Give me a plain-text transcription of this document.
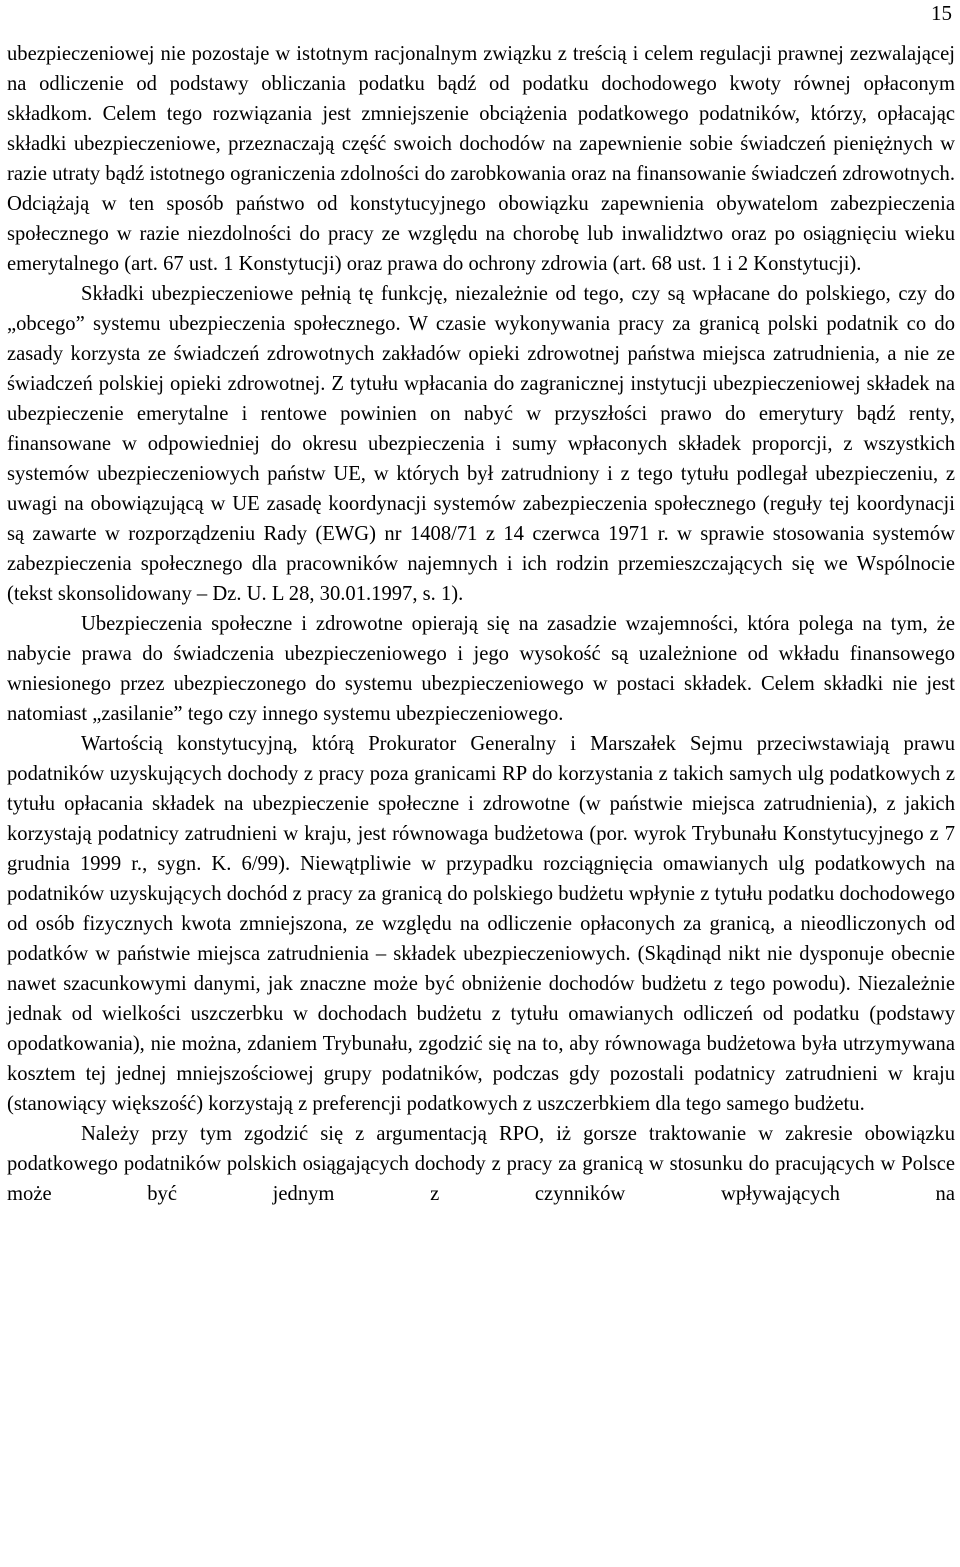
15

ubezpieczeniowej nie pozostaje w istotnym racjonalnym związku z treścią i celem regulacji prawnej zezwalającej na odliczenie od podstawy obliczania podatku bądź od podatku dochodowego kwoty równej opłaconym składkom. Celem tego rozwiązania jest zmniejszenie obciążenia podatkowego podatników, którzy, opłacając składki ubezpieczeniowe, przeznaczają część swoich dochodów na zapewnienie sobie świadczeń pieniężnych w razie utraty bądź istotnego ograniczenia zdolności do zarobkowania oraz na finansowanie świadczeń zdrowotnych. Odciążają w ten sposób państwo od konstytucyjnego obowiązku zapewnienia obywatelom zabezpieczenia społecznego w razie niezdolności do pracy ze względu na chorobę lub inwalidztwo oraz po osiągnięciu wieku emerytalnego (art. 67 ust. 1 Konstytucji) oraz prawa do ochrony zdrowia (art. 68 ust. 1 i 2 Konstytucji).

Składki ubezpieczeniowe pełnią tę funkcję, niezależnie od tego, czy są wpłacane do polskiego, czy do „obcego” systemu ubezpieczenia społecznego. W czasie wykonywania pracy za granicą polski podatnik co do zasady korzysta ze świadczeń zdrowotnych zakładów opieki zdrowotnej państwa miejsca zatrudnienia, a nie ze świadczeń polskiej opieki zdrowotnej. Z tytułu wpłacania do zagranicznej instytucji ubezpieczeniowej składek na ubezpieczenie emerytalne i rentowe powinien on nabyć w przyszłości prawo do emerytury bądź renty, finansowane w odpowiedniej do okresu ubezpieczenia i sumy wpłaconych składek proporcji, z wszystkich systemów ubezpieczeniowych państw UE, w których był zatrudniony i z tego tytułu podlegał ubezpieczeniu, z uwagi na obowiązującą w UE zasadę koordynacji systemów zabezpieczenia społecznego (reguły tej koordynacji są zawarte w rozporządzeniu Rady (EWG) nr 1408/71 z 14 czerwca 1971 r. w sprawie stosowania systemów zabezpieczenia społecznego dla pracowników najemnych i ich rodzin przemieszczających się we Wspólnocie (tekst skonsolidowany – Dz. U. L 28, 30.01.1997, s. 1).

Ubezpieczenia społeczne i zdrowotne opierają się na zasadzie wzajemności, która polega na tym, że nabycie prawa do świadczenia ubezpieczeniowego i jego wysokość są uzależnione od wkładu finansowego wniesionego przez ubezpieczonego do systemu ubezpieczeniowego w postaci składek. Celem składki nie jest natomiast „zasilanie” tego czy innego systemu ubezpieczeniowego.

Wartością konstytucyjną, którą Prokurator Generalny i Marszałek Sejmu przeciwstawiają prawu podatników uzyskujących dochody z pracy poza granicami RP do korzystania z takich samych ulg podatkowych z tytułu opłacania składek na ubezpieczenie społeczne i zdrowotne (w państwie miejsca zatrudnienia), z jakich korzystają podatnicy zatrudnieni w kraju, jest równowaga budżetowa (por. wyrok Trybunału Konstytucyjnego z 7 grudnia 1999 r., sygn. K. 6/99). Niewątpliwie w przypadku rozciągnięcia omawianych ulg podatkowych na podatników uzyskujących dochód z pracy za granicą do polskiego budżetu wpłynie z tytułu podatku dochodowego od osób fizycznych kwota zmniejszona, ze względu na odliczenie opłaconych za granicą, a nieodliczonych od podatków w państwie miejsca zatrudnienia – składek ubezpieczeniowych. (Skądinąd nikt nie dysponuje obecnie nawet szacunkowymi danymi, jak znaczne może być obniżenie dochodów budżetu z tego powodu). Niezależnie jednak od wielkości uszczerbku w dochodach budżetu z tytułu omawianych odliczeń od podatku (podstawy opodatkowania), nie można, zdaniem Trybunału, zgodzić się na to, aby równowaga budżetowa była utrzymywana kosztem tej jednej mniejszościowej grupy podatników, podczas gdy pozostali podatnicy zatrudnieni w kraju (stanowiący większość) korzystają z preferencji podatkowych z uszczerbkiem dla tego samego budżetu.

Należy przy tym zgodzić się z argumentacją RPO, iż gorsze traktowanie w zakresie obowiązku podatkowego podatników polskich osiągających dochody z pracy za granicą w stosunku do pracujących w Polsce może być jednym z czynników wpływających na
